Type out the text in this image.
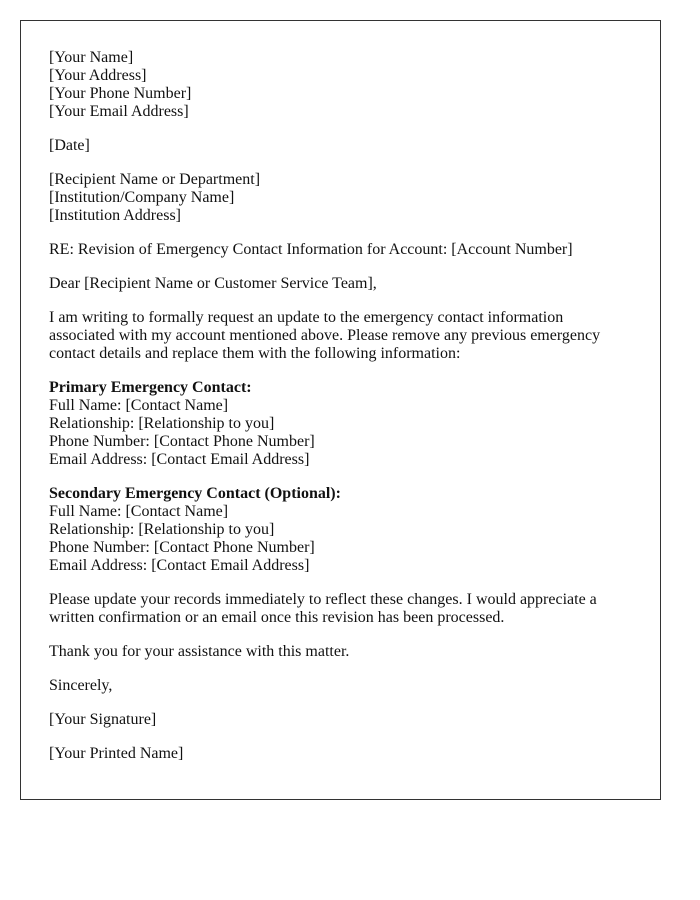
[Your Name]
[Your Address]
[Your Phone Number]
[Your Email Address]

[Date]

[Recipient Name or Department]
[Institution/Company Name]
[Institution Address]

RE: Revision of Emergency Contact Information for Account: [Account Number]

Dear [Recipient Name or Customer Service Team],

I am writing to formally request an update to the emergency contact information associated with my account mentioned above. Please remove any previous emergency contact details and replace them with the following information:

Primary Emergency Contact:
Full Name: [Contact Name]
Relationship: [Relationship to you]
Phone Number: [Contact Phone Number]
Email Address: [Contact Email Address]

Secondary Emergency Contact (Optional):
Full Name: [Contact Name]
Relationship: [Relationship to you]
Phone Number: [Contact Phone Number]
Email Address: [Contact Email Address]

Please update your records immediately to reflect these changes. I would appreciate a written confirmation or an email once this revision has been processed.

Thank you for your assistance with this matter.

Sincerely,

[Your Signature]

[Your Printed Name]
